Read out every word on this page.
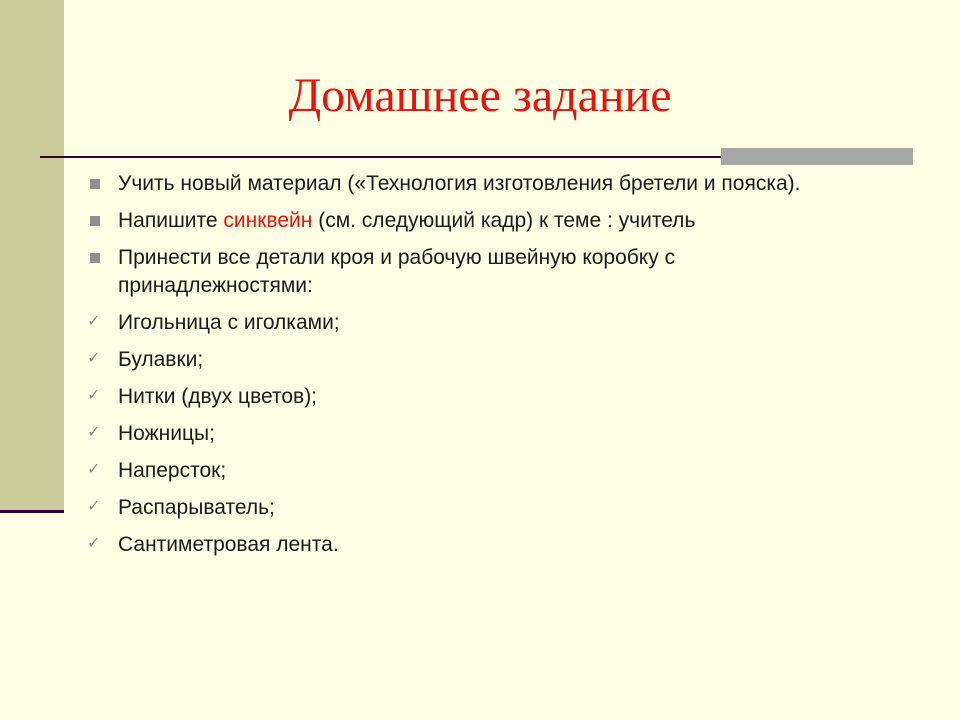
Домашнее задание
Учить новый материал («Технология изготовления бретели и пояска).
Напишите синквейн (см. следующий кадр) к теме : учитель
Принести все детали кроя и рабочую швейную коробку с принадлежностями:
✓ Игольница с иголками;
✓ Булавки;
✓ Нитки (двух цветов);
✓ Ножницы;
✓ Наперсток;
✓ Распарыватель;
✓ Сантиметровая лента.
